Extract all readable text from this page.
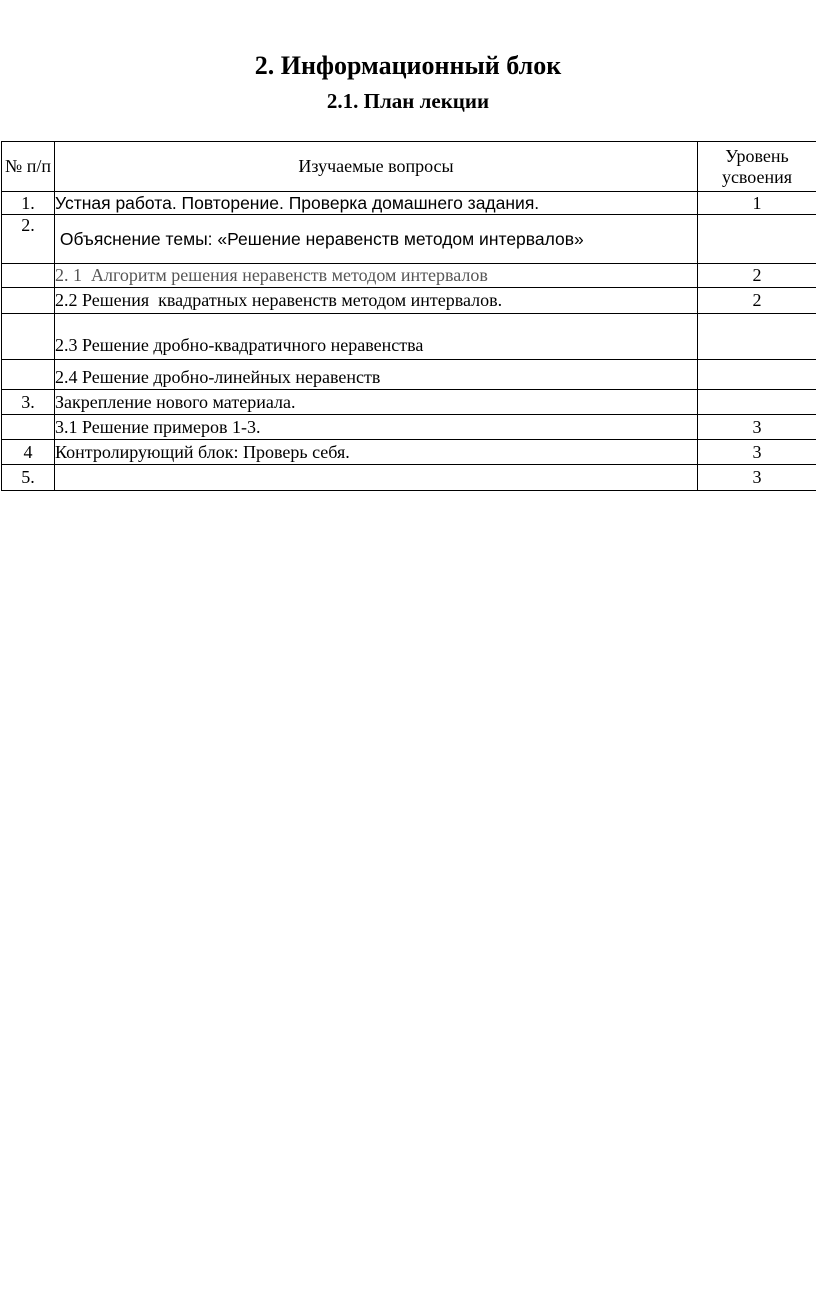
2. Информационный блок
2.1. План лекции
№ п/п	Изучаемые вопросы	Уровень усвоения
1.	Устная работа. Повторение. Проверка домашнего задания.	1
2.	Объяснение темы: «Решение неравенств методом интервалов»	
	2. 1  Алгоритм решения неравенств методом интервалов	2
	2.2 Решения  квадратных неравенств методом интервалов.	2
	2.3 Решение дробно-квадратичного неравенства	
	2.4 Решение дробно-линейных неравенств	
3.	Закрепление нового материала.	
	3.1 Решение примеров 1-3.	3
4	Контролирующий блок: Проверь себя.	3
5.		3
